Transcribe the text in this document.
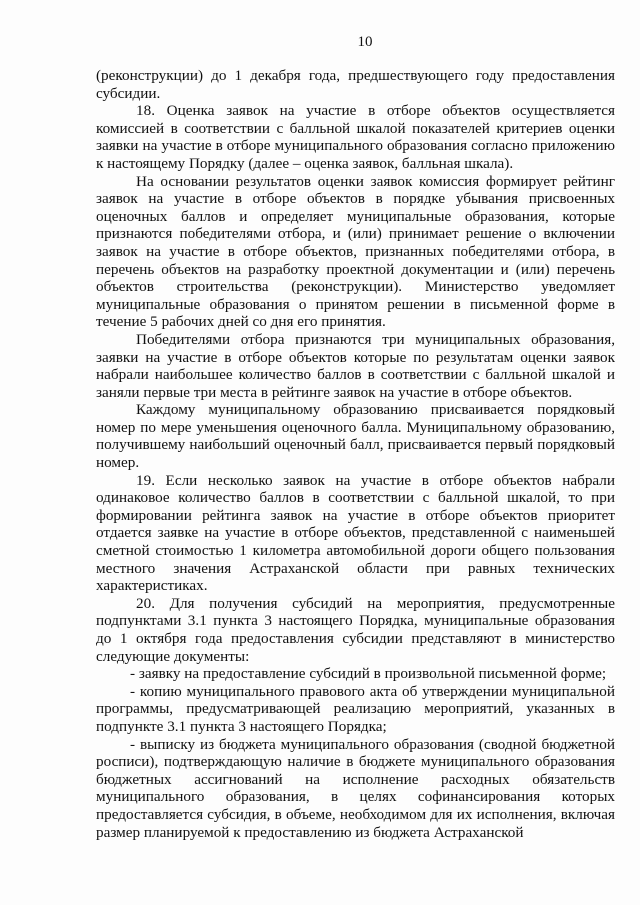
10

(реконструкции) до 1 декабря года, предшествующего году предоставления субсидии.

18. Оценка заявок на участие в отборе объектов осуществляется комиссией в соответствии с балльной шкалой показателей критериев оценки заявки на участие в отборе муниципального образования согласно приложению к настоящему Порядку (далее – оценка заявок, балльная шкала).

На основании результатов оценки заявок комиссия формирует рейтинг заявок на участие в отборе объектов в порядке убывания присвоенных оценочных баллов и определяет муниципальные образования, которые признаются победителями отбора, и (или) принимает решение о включении заявок на участие в отборе объектов, признанных победителями отбора, в перечень объектов на разработку проектной документации и (или) перечень объектов строительства (реконструкции). Министерство уведомляет муниципальные образования о принятом решении в письменной форме в течение 5 рабочих дней со дня его принятия.

Победителями отбора признаются три муниципальных образования, заявки на участие в отборе объектов которые по результатам оценки заявок набрали наибольшее количество баллов в соответствии с балльной шкалой и заняли первые три места в рейтинге заявок на участие в отборе объектов.

Каждому муниципальному образованию присваивается порядковый номер по мере уменьшения оценочного балла. Муниципальному образованию, получившему наибольший оценочный балл, присваивается первый порядковый номер.

19. Если несколько заявок на участие в отборе объектов набрали одинаковое количество баллов в соответствии с балльной шкалой, то при формировании рейтинга заявок на участие в отборе объектов приоритет отдается заявке на участие в отборе объектов, представленной с наименьшей сметной стоимостью 1 километра автомобильной дороги общего пользования местного значения Астраханской области при равных технических характеристиках.

20. Для получения субсидий на мероприятия, предусмотренные подпунктами 3.1 пункта 3 настоящего Порядка, муниципальные образования до 1 октября года предоставления субсидии представляют в министерство следующие документы:

- заявку на предоставление субсидий в произвольной письменной форме;

- копию муниципального правового акта об утверждении муниципальной программы, предусматривающей реализацию мероприятий, указанных в подпункте 3.1 пункта 3 настоящего Порядка;

- выписку из бюджета муниципального образования (сводной бюджетной росписи), подтверждающую наличие в бюджете муниципального образования бюджетных ассигнований на исполнение расходных обязательств муниципального образования, в целях софинансирования которых предоставляется субсидия, в объеме, необходимом для их исполнения, включая размер планируемой к предоставлению из бюджета Астраханской
